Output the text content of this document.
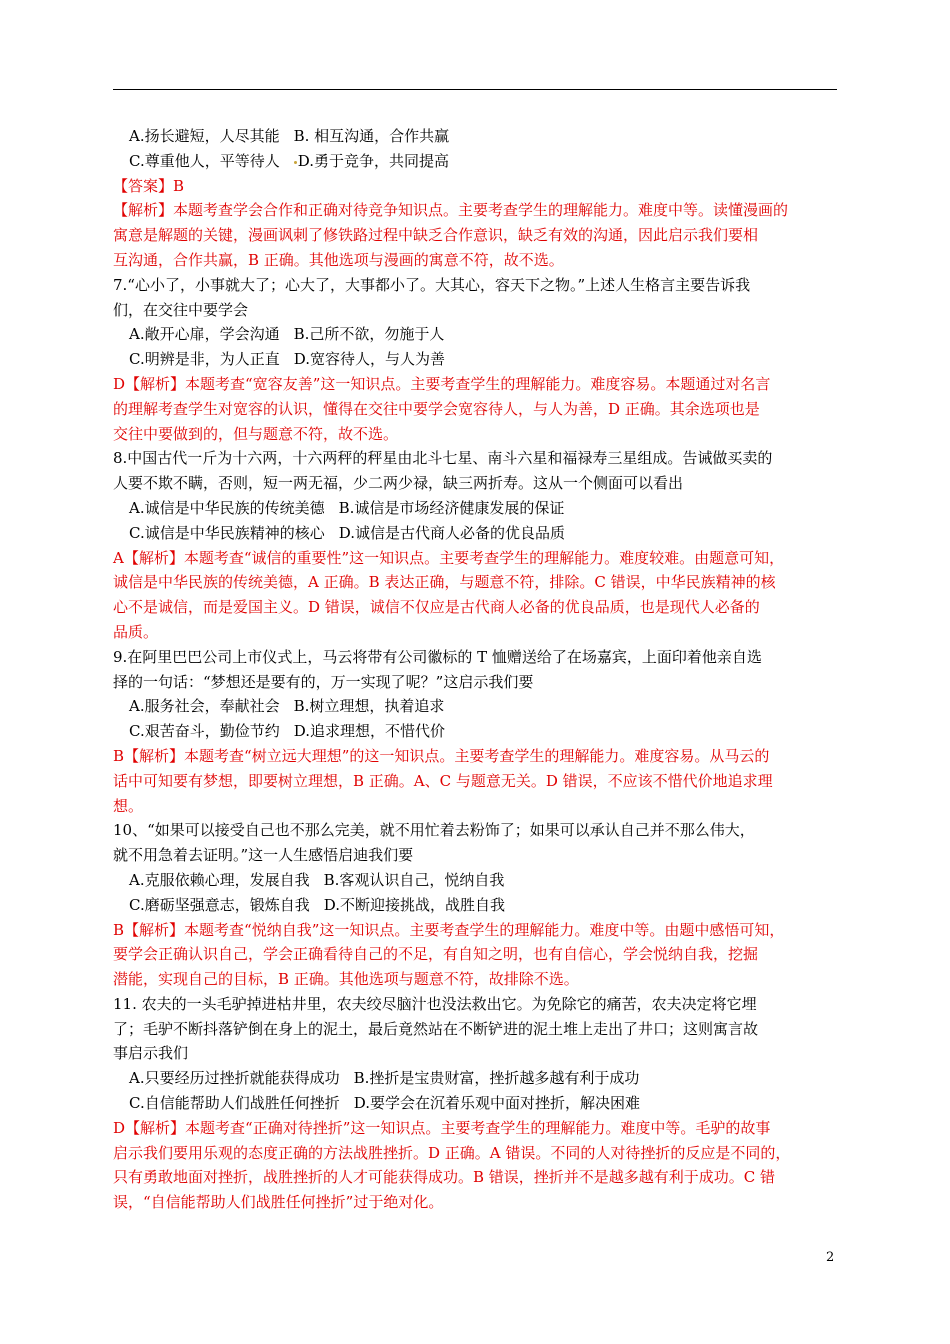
A.扬长避短，人尽其能 B. 相互沟通，合作共赢
C.尊重他人，平等待人 D.勇于竞争，共同提高
【答案】B
【解析】本题考查学会合作和正确对待竞争知识点。主要考查学生的理解能力。难度中等。读懂漫画的
寓意是解题的关键，漫画讽刺了修铁路过程中缺乏合作意识，缺乏有效的沟通，因此启示我们要相
互沟通，合作共赢，B 正确。其他选项与漫画的寓意不符，故不选。
7.“心小了，小事就大了；心大了，大事都小了。大其心，容天下之物。”上述人生格言主要告诉我
们，在交往中要学会
A.敞开心扉，学会沟通 B.己所不欲，勿施于人
C.明辨是非，为人正直 D.宽容待人，与人为善
D【解析】本题考查“宽容友善”这一知识点。主要考查学生的理解能力。难度容易。本题通过对名言
的理解考查学生对宽容的认识，懂得在交往中要学会宽容待人，与人为善，D 正确。其余选项也是
交往中要做到的，但与题意不符，故不选。
8.中国古代一斤为十六两，十六两秤的秤星由北斗七星、南斗六星和福禄寿三星组成。告诫做买卖的
人要不欺不瞒，否则，短一两无福，少二两少禄，缺三两折寿。这从一个侧面可以看出
A.诚信是中华民族的传统美德 B.诚信是市场经济健康发展的保证
C.诚信是中华民族精神的核心 D.诚信是古代商人必备的优良品质
A【解析】本题考查“诚信的重要性”这一知识点。主要考查学生的理解能力。难度较难。由题意可知，
诚信是中华民族的传统美德，A 正确。B 表达正确，与题意不符，排除。C 错误，中华民族精神的核
心不是诚信，而是爱国主义。D 错误，诚信不仅应是古代商人必备的优良品质，也是现代人必备的
品质。
9.在阿里巴巴公司上市仪式上，马云将带有公司徽标的 T 恤赠送给了在场嘉宾，上面印着他亲自选
择的一句话：“梦想还是要有的，万一实现了呢？”这启示我们要
A.服务社会，奉献社会 B.树立理想，执着追求
C.艰苦奋斗，勤俭节约 D.追求理想，不惜代价
B【解析】本题考查“树立远大理想”的这一知识点。主要考查学生的理解能力。难度容易。从马云的
话中可知要有梦想，即要树立理想，B 正确。A、C 与题意无关。D 错误，不应该不惜代价地追求理
想。
10、“如果可以接受自己也不那么完美，就不用忙着去粉饰了；如果可以承认自己并不那么伟大，
就不用急着去证明。”这一人生感悟启迪我们要
A.克服依赖心理，发展自我 B.客观认识自己，悦纳自我
C.磨砺坚强意志，锻炼自我 D.不断迎接挑战，战胜自我
B【解析】本题考查“悦纳自我”这一知识点。主要考查学生的理解能力。难度中等。由题中感悟可知，
要学会正确认识自己，学会正确看待自己的不足，有自知之明，也有自信心，学会悦纳自我，挖掘
潜能，实现自己的目标，B 正确。其他选项与题意不符，故排除不选。
11. 农夫的一头毛驴掉进枯井里，农夫绞尽脑汁也没法救出它。为免除它的痛苦，农夫决定将它埋
了；毛驴不断抖落铲倒在身上的泥土，最后竟然站在不断铲进的泥土堆上走出了井口；这则寓言故
事启示我们
A.只要经历过挫折就能获得成功 B.挫折是宝贵财富，挫折越多越有利于成功
C.自信能帮助人们战胜任何挫折 D.要学会在沉着乐观中面对挫折，解决困难
D【解析】本题考查“正确对待挫折”这一知识点。主要考查学生的理解能力。难度中等。毛驴的故事
启示我们要用乐观的态度正确的方法战胜挫折。D 正确。A 错误。不同的人对待挫折的反应是不同的，
只有勇敢地面对挫折，战胜挫折的人才可能获得成功。B 错误，挫折并不是越多越有利于成功。C 错
误，“自信能帮助人们战胜任何挫折”过于绝对化。
2
